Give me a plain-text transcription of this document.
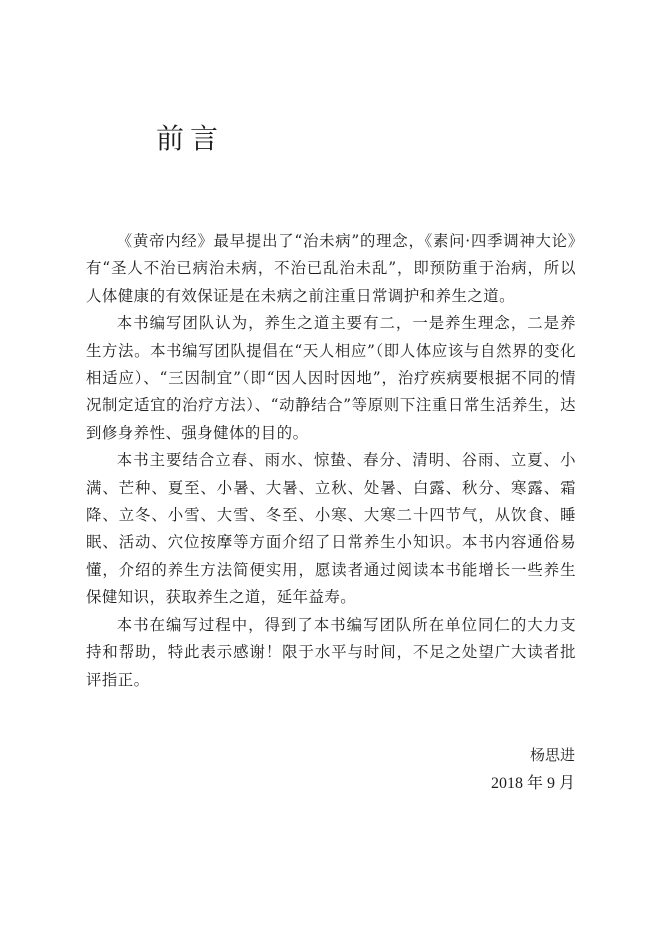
前言

《黄帝内经》最早提出了“治未病”的理念，《素问·四季调神大论》有“圣人不治已病治未病，不治已乱治未乱”，即预防重于治病，所以人体健康的有效保证是在未病之前注重日常调护和养生之道。

本书编写团队认为，养生之道主要有二，一是养生理念，二是养生方法。本书编写团队提倡在“天人相应”（即人体应该与自然界的变化相适应）、“三因制宜”（即“因人因时因地”，治疗疾病要根据不同的情况制定适宜的治疗方法）、“动静结合”等原则下注重日常生活养生，达到修身养性、强身健体的目的。

本书主要结合立春、雨水、惊蛰、春分、清明、谷雨、立夏、小满、芒种、夏至、小暑、大暑、立秋、处暑、白露、秋分、寒露、霜降、立冬、小雪、大雪、冬至、小寒、大寒二十四节气，从饮食、睡眠、活动、穴位按摩等方面介绍了日常养生小知识。本书内容通俗易懂，介绍的养生方法简便实用，愿读者通过阅读本书能增长一些养生保健知识，获取养生之道，延年益寿。

本书在编写过程中，得到了本书编写团队所在单位同仁的大力支持和帮助，特此表示感谢！限于水平与时间，不足之处望广大读者批评指正。

杨思进

2018 年 9 月
